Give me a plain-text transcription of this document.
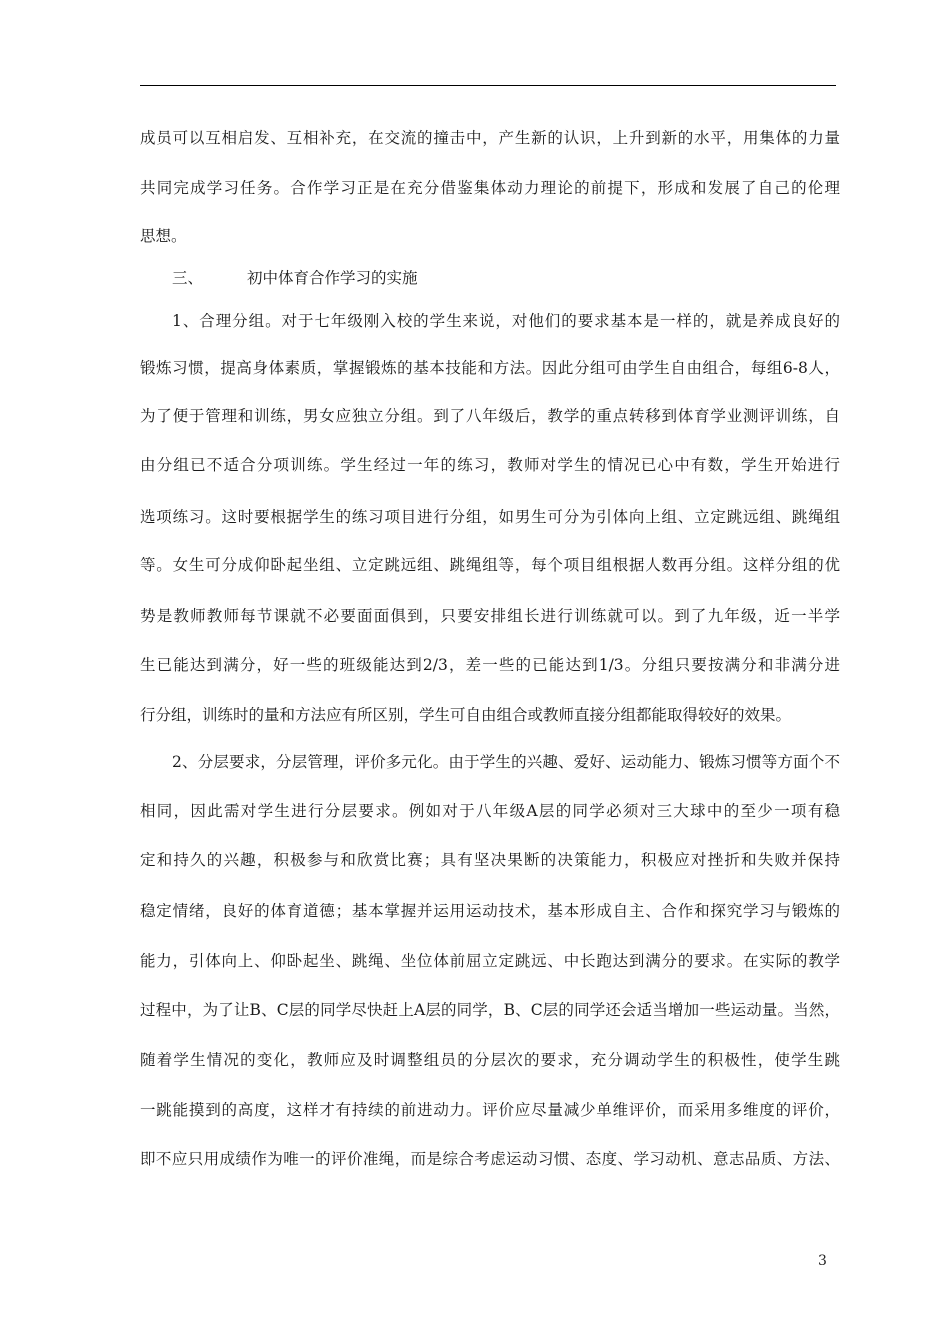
成员可以互相启发、互相补充，在交流的撞击中，产生新的认识，上升到新的水平，用集体的力量
共同完成学习任务。合作学习正是在充分借鉴集体动力理论的前提下，形成和发展了自己的伦理
思想。
三、	初中体育合作学习的实施
1、合理分组。对于七年级刚入校的学生来说，对他们的要求基本是一样的，就是养成良好的
锻炼习惯，提高身体素质，掌握锻炼的基本技能和方法。因此分组可由学生自由组合，每组6-8人，
为了便于管理和训练，男女应独立分组。到了八年级后，教学的重点转移到体育学业测评训练，自
由分组已不适合分项训练。学生经过一年的练习，教师对学生的情况已心中有数，学生开始进行
选项练习。这时要根据学生的练习项目进行分组，如男生可分为引体向上组、立定跳远组、跳绳组
等。女生可分成仰卧起坐组、立定跳远组、跳绳组等，每个项目组根据人数再分组。这样分组的优
势是教师教师每节课就不必要面面俱到，只要安排组长进行训练就可以。到了九年级，近一半学
生已能达到满分，好一些的班级能达到2/3，差一些的已能达到1/3。分组只要按满分和非满分进
行分组，训练时的量和方法应有所区别，学生可自由组合或教师直接分组都能取得较好的效果。
2、分层要求，分层管理，评价多元化。由于学生的兴趣、爱好、运动能力、锻炼习惯等方面个不
相同，因此需对学生进行分层要求。例如对于八年级A层的同学必须对三大球中的至少一项有稳
定和持久的兴趣，积极参与和欣赏比赛；具有坚决果断的决策能力，积极应对挫折和失败并保持
稳定情绪，良好的体育道德；基本掌握并运用运动技术，基本形成自主、合作和探究学习与锻炼的
能力，引体向上、仰卧起坐、跳绳、坐位体前屈立定跳远、中长跑达到满分的要求。在实际的教学
过程中，为了让B、C层的同学尽快赶上A层的同学，B、C层的同学还会适当增加一些运动量。当然，
随着学生情况的变化，教师应及时调整组员的分层次的要求，充分调动学生的积极性，使学生跳
一跳能摸到的高度，这样才有持续的前进动力。评价应尽量减少单维评价，而采用多维度的评价，
即不应只用成绩作为唯一的评价准绳，而是综合考虑运动习惯、态度、学习动机、意志品质、方法、
3
